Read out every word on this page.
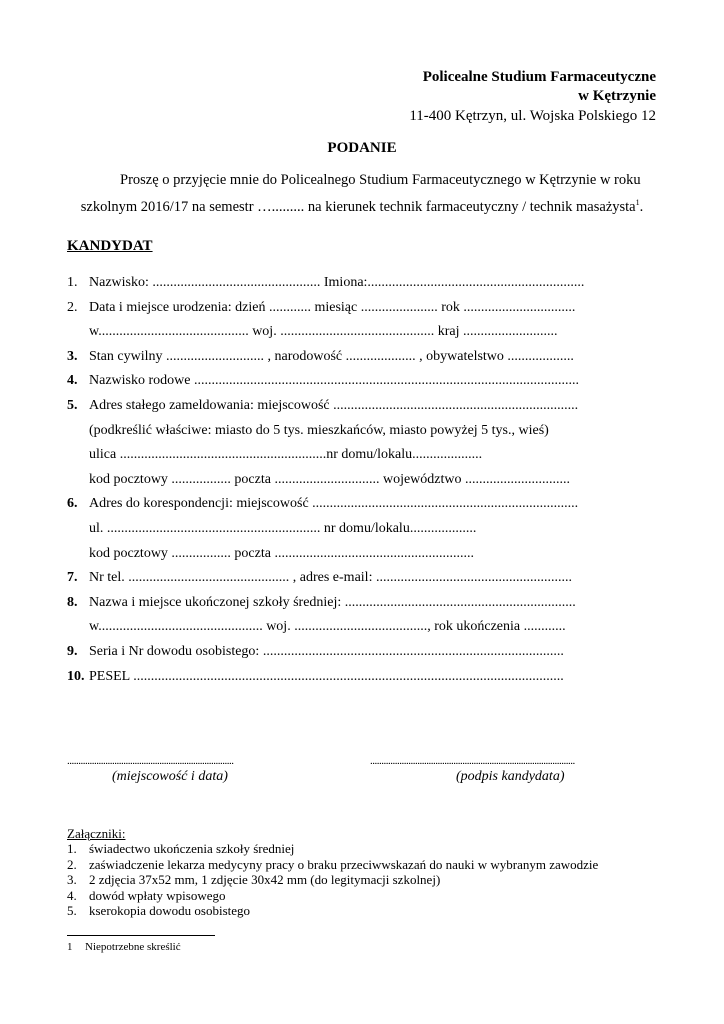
Policealne Studium Farmaceutyczne
w Kętrzynie
11-400 Kętrzyn, ul. Wojska Polskiego 12
PODANIE
Proszę o przyjęcie mnie do Policealnego Studium Farmaceutycznego w Kętrzynie w roku
szkolnym 2016/17 na semestr …......... na kierunek technik farmaceutyczny / technik masażysta$^1$.
KANDYDAT
1. Nazwisko: ................................................ Imiona:..............................................................
2. Data i miejsce urodzenia: dzień ............ miesiąc ...................... rok ................................
w........................................... woj. ............................................ kraj ...........................
3. Stan cywilny ............................ , narodowość .................... , obywatelstwo ...................
4. Nazwisko rodowe ..............................................................................................................
5. Adres stałego zameldowania: miejscowość ......................................................................
(podkreślić właściwe: miasto do 5 tys. mieszkańców, miasto powyżej 5 tys., wieś)
ulica ...........................................................nr domu/lokalu....................
kod pocztowy ................. poczta .............................. województwo ..............................
6. Adres do korespondencji: miejscowość ............................................................................
ul. ............................................................. nr domu/lokalu...................
kod pocztowy ................. poczta .........................................................
7. Nr tel. .............................................. , adres e-mail: ........................................................
8. Nazwa i miejsce ukończonej szkoły średniej: ..................................................................
w............................................... woj. ......................................, rok ukończenia ............
9. Seria i Nr dowodu osobistego: ......................................................................................
10. PESEL ...........................................................................................................................
..........................................................................
(miejscowość i data)
...........................................................................................
(podpis kandydata)
Załączniki:
1. świadectwo ukończenia szkoły średniej
2. zaświadczenie lekarza medycyny pracy o braku przeciwwskazań do nauki w wybranym zawodzie
3. 2 zdjęcia 37x52 mm, 1 zdjęcie 30x42 mm (do legitymacji szkolnej)
4. dowód wpłaty wpisowego
5. kserokopia dowodu osobistego
1 Niepotrzebne skreślić
